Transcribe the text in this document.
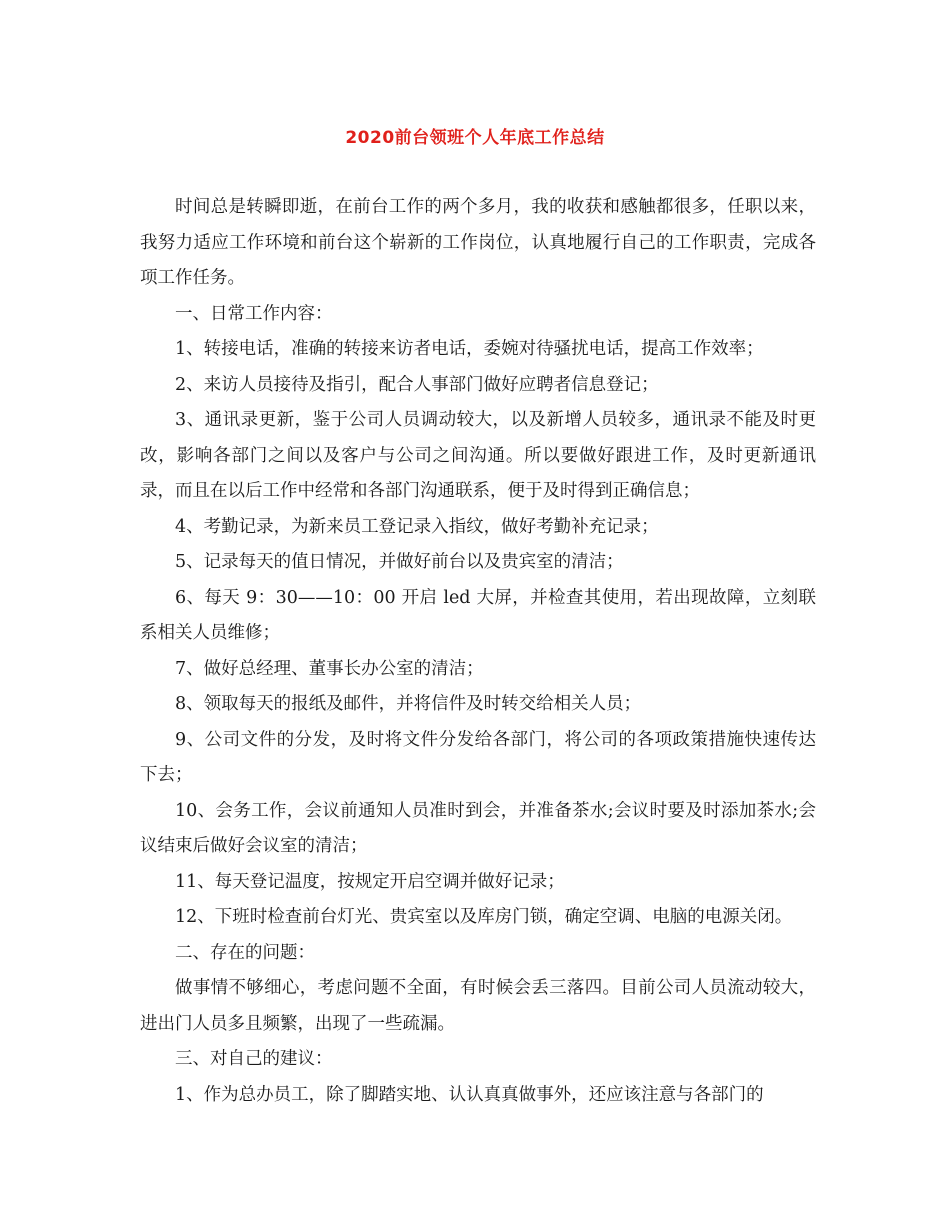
2020前台领班个人年底工作总结

时间总是转瞬即逝，在前台工作的两个多月，我的收获和感触都很多，任职以来，我努力适应工作环境和前台这个崭新的工作岗位，认真地履行自己的工作职责，完成各项工作任务。

一、日常工作内容：

1、转接电话，准确的转接来访者电话，委婉对待骚扰电话，提高工作效率；

2、来访人员接待及指引，配合人事部门做好应聘者信息登记；

3、通讯录更新，鉴于公司人员调动较大，以及新增人员较多，通讯录不能及时更改，影响各部门之间以及客户与公司之间沟通。所以要做好跟进工作，及时更新通讯录，而且在以后工作中经常和各部门沟通联系，便于及时得到正确信息；

4、考勤记录，为新来员工登记录入指纹，做好考勤补充记录；

5、记录每天的值日情况，并做好前台以及贵宾室的清洁；

6、每天 9：30——10：00 开启 led 大屏，并检查其使用，若出现故障，立刻联系相关人员维修；

7、做好总经理、董事长办公室的清洁；

8、领取每天的报纸及邮件，并将信件及时转交给相关人员；

9、公司文件的分发，及时将文件分发给各部门，将公司的各项政策措施快速传达下去；

10、会务工作，会议前通知人员准时到会，并准备茶水;会议时要及时添加茶水;会议结束后做好会议室的清洁；

11、每天登记温度，按规定开启空调并做好记录；

12、下班时检查前台灯光、贵宾室以及库房门锁，确定空调、电脑的电源关闭。

二、存在的问题：

做事情不够细心，考虑问题不全面，有时候会丢三落四。目前公司人员流动较大，进出门人员多且频繁，出现了一些疏漏。

三、对自己的建议：

1、作为总办员工，除了脚踏实地、认认真真做事外，还应该注意与各部门的
